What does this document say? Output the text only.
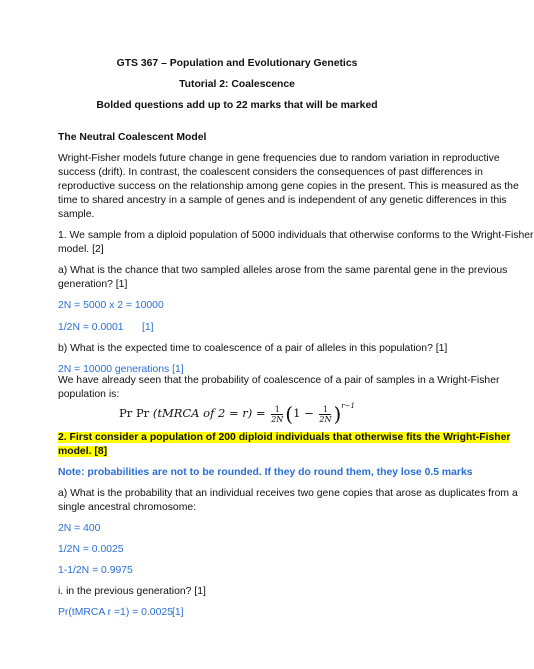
GTS 367 – Population and Evolutionary Genetics

Tutorial 2: Coalescence

Bolded questions add up to 22 marks that will be marked

The Neutral Coalescent Model

Wright-Fisher models future change in gene frequencies due to random variation in reproductive

success (drift). In contrast, the coalescent considers the consequences of past differences in

reproductive success on the relationship among gene copies in the present. This is measured as the

time to shared ancestry in a sample of genes and is independent of any genetic differences in this

sample.

1. We sample from a diploid population of 5000 individuals that otherwise conforms to the Wright-Fisher

model. [2]

a) What is the chance that two sampled alleles arose from the same parental gene in the previous

generation? [1]

2N = 5000 x 2 = 10000

1/2N = 0.0001 [1]

b) What is the expected time to coalescence of a pair of alleles in this population? [1]

2N = 10000 generations [1]

We have already seen that the probability of coalescence of a pair of samples in a Wright-Fisher

population is:

Pr Pr (tMRCA of $2 = r) = \frac{1}{2N} (1 - \frac{1}{2N} )^{r-1}$

2. First consider a population of 200 diploid individuals that otherwise fits the Wright-Fisher

model. [8]

Note: probabilities are not to be rounded. If they do round them, they lose 0.5 marks

a) What is the probability that an individual receives two gene copies that arose as duplicates from a

single ancestral chromosome:

2N = 400

1/2N = 0.0025

1-1/2N = 0.9975

i. in the previous generation? [1]

Pr(tMRCA r =1) = 0.0025 [1]
